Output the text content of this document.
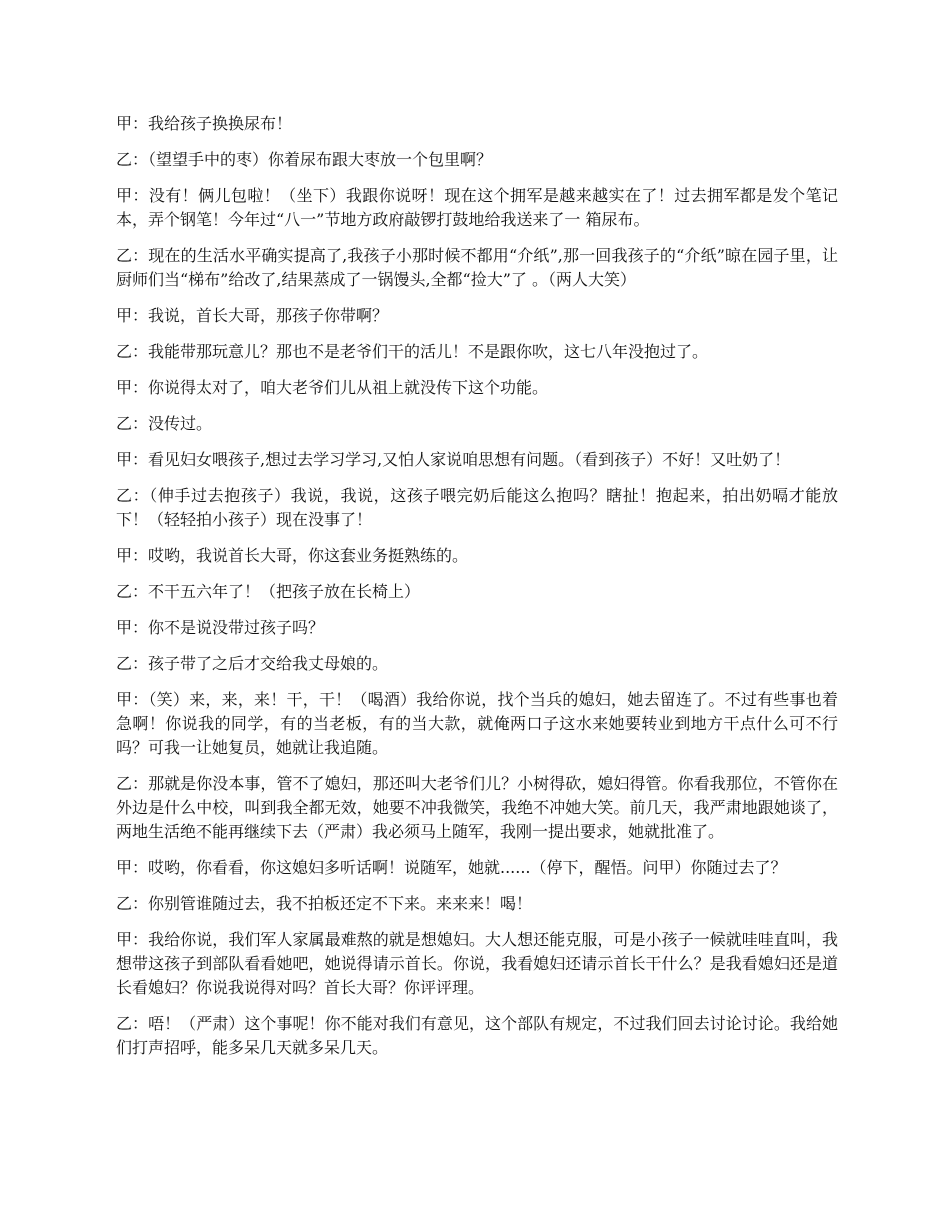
甲：我给孩子换换尿布！

乙：（望望手中的枣）你着尿布跟大枣放一个包里啊？

甲：没有！俩儿包啦！（坐下）我跟你说呀！现在这个拥军是越来越实在了！过去拥军都是发个笔记本，弄个钢笔！今年过“八一”节地方政府敲锣打鼓地给我送来了一 箱尿布。

乙：现在的生活水平确实提高了,我孩子小那时候不都用“介纸”,那一回我孩子的“介纸”晾在园子里，让厨师们当“梯布”给改了,结果蒸成了一锅馒头,全都“捡大”了 。（两人大笑）

甲：我说，首长大哥，那孩子你带啊？

乙：我能带那玩意儿？那也不是老爷们干的活儿！不是跟你吹，这七八年没抱过了。

甲：你说得太对了，咱大老爷们儿从祖上就没传下这个功能。

乙：没传过。

甲：看见妇女喂孩子,想过去学习学习,又怕人家说咱思想有问题。（看到孩子）不好！又吐奶了！

乙：（伸手过去抱孩子）我说，我说，这孩子喂完奶后能这么抱吗？瞎扯！抱起来，拍出奶嗝才能放下！（轻轻拍小孩子）现在没事了！

甲：哎哟，我说首长大哥，你这套业务挺熟练的。

乙：不干五六年了！（把孩子放在长椅上）

甲：你不是说没带过孩子吗？

乙：孩子带了之后才交给我丈母娘的。

甲：（笑）来，来，来！干，干！（喝酒）我给你说，找个当兵的媳妇，她去留连了。不过有些事也着急啊！你说我的同学，有的当老板，有的当大款，就俺两口子这水来她要转业到地方干点什么可不行吗？可我一让她复员，她就让我追随。

乙：那就是你没本事，管不了媳妇，那还叫大老爷们儿？小树得砍，媳妇得管。你看我那位，不管你在外边是什么中校，叫到我全都无效，她要不冲我微笑，我绝不冲她大笑。前几天，我严肃地跟她谈了，两地生活绝不能再继续下去（严肃）我必须马上随军，我刚一提出要求，她就批准了。

甲：哎哟，你看看，你这媳妇多听话啊！说随军，她就......（停下，醒悟。问甲）你随过去了？

乙：你别管谁随过去，我不拍板还定不下来。来来来！喝！

甲：我给你说，我们军人家属最难熬的就是想媳妇。大人想还能克服，可是小孩子一候就哇哇直叫，我想带这孩子到部队看看她吧，她说得请示首长。你说，我看媳妇还请示首长干什么？是我看媳妇还是道长看媳妇？你说我说得对吗？首长大哥？你评评理。

乙：唔！（严肃）这个事呢！你不能对我们有意见，这个部队有规定，不过我们回去讨论讨论。我给她们打声招呼，能多呆几天就多呆几天。
